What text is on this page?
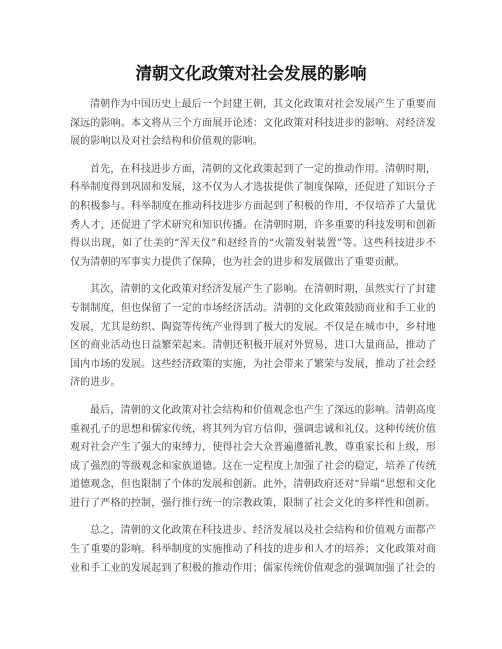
清朝文化政策对社会发展的影响

清朝作为中国历史上最后一个封建王朝，其文化政策对社会发展产生了重要而深远的影响。本文将从三个方面展开论述：文化政策对科技进步的影响、对经济发展的影响以及对社会结构和价值观的影响。

首先，在科技进步方面，清朝的文化政策起到了一定的推动作用。清朝时期，科举制度得到巩固和发展，这不仅为人才选拔提供了制度保障，还促进了知识分子的积极参与。科举制度在推动科技进步方面起到了积极的作用，不仅培养了大量优秀人才，还促进了学术研究和知识传播。在清朝时期，许多重要的科技发明和创新得以出现，如了仕美的“浑天仪”和赵经肯的“火箭发射装置”等。这些科技进步不仅为清朝的军事实力提供了保障，也为社会的进步和发展做出了重要贡献。

其次，清朝的文化政策对经济发展产生了影响。在清朝时期，虽然实行了封建专制制度，但也保留了一定的市场经济活动。清朝的文化政策鼓励商业和手工业的发展，尤其是纺织、陶瓷等传统产业得到了极大的发展。不仅是在城市中，乡村地区的商业活动也日益繁荣起来。清朝还积极开展对外贸易，进口大量商品，推动了国内市场的发展。这些经济政策的实施，为社会带来了繁荣与发展，推动了社会经济的进步。

最后，清朝的文化政策对社会结构和价值观念也产生了深远的影响。清朝高度重视孔子的思想和儒家传统，将其列为官方信仰，强调忠诚和礼仪。这种传统价值观对社会产生了强大的束缚力，使得社会大众普遍遵循礼教，尊重家长和上级，形成了强烈的等级观念和家族道德。这在一定程度上加强了社会的稳定，培养了传统道德观念，但也限制了个体的发展和创新。此外，清朝政府还对“异端”思想和文化进行了严格的控制，强行推行统一的宗教政策，限制了社会文化的多样性和创新。

总之，清朝的文化政策在科技进步、经济发展以及社会结构和价值观方面都产生了重要的影响。科举制度的实施推动了科技的进步和人才的培养；文化政策对商业和手工业的发展起到了积极的推动作用；儒家传统价值观念的强调加强了社会的
